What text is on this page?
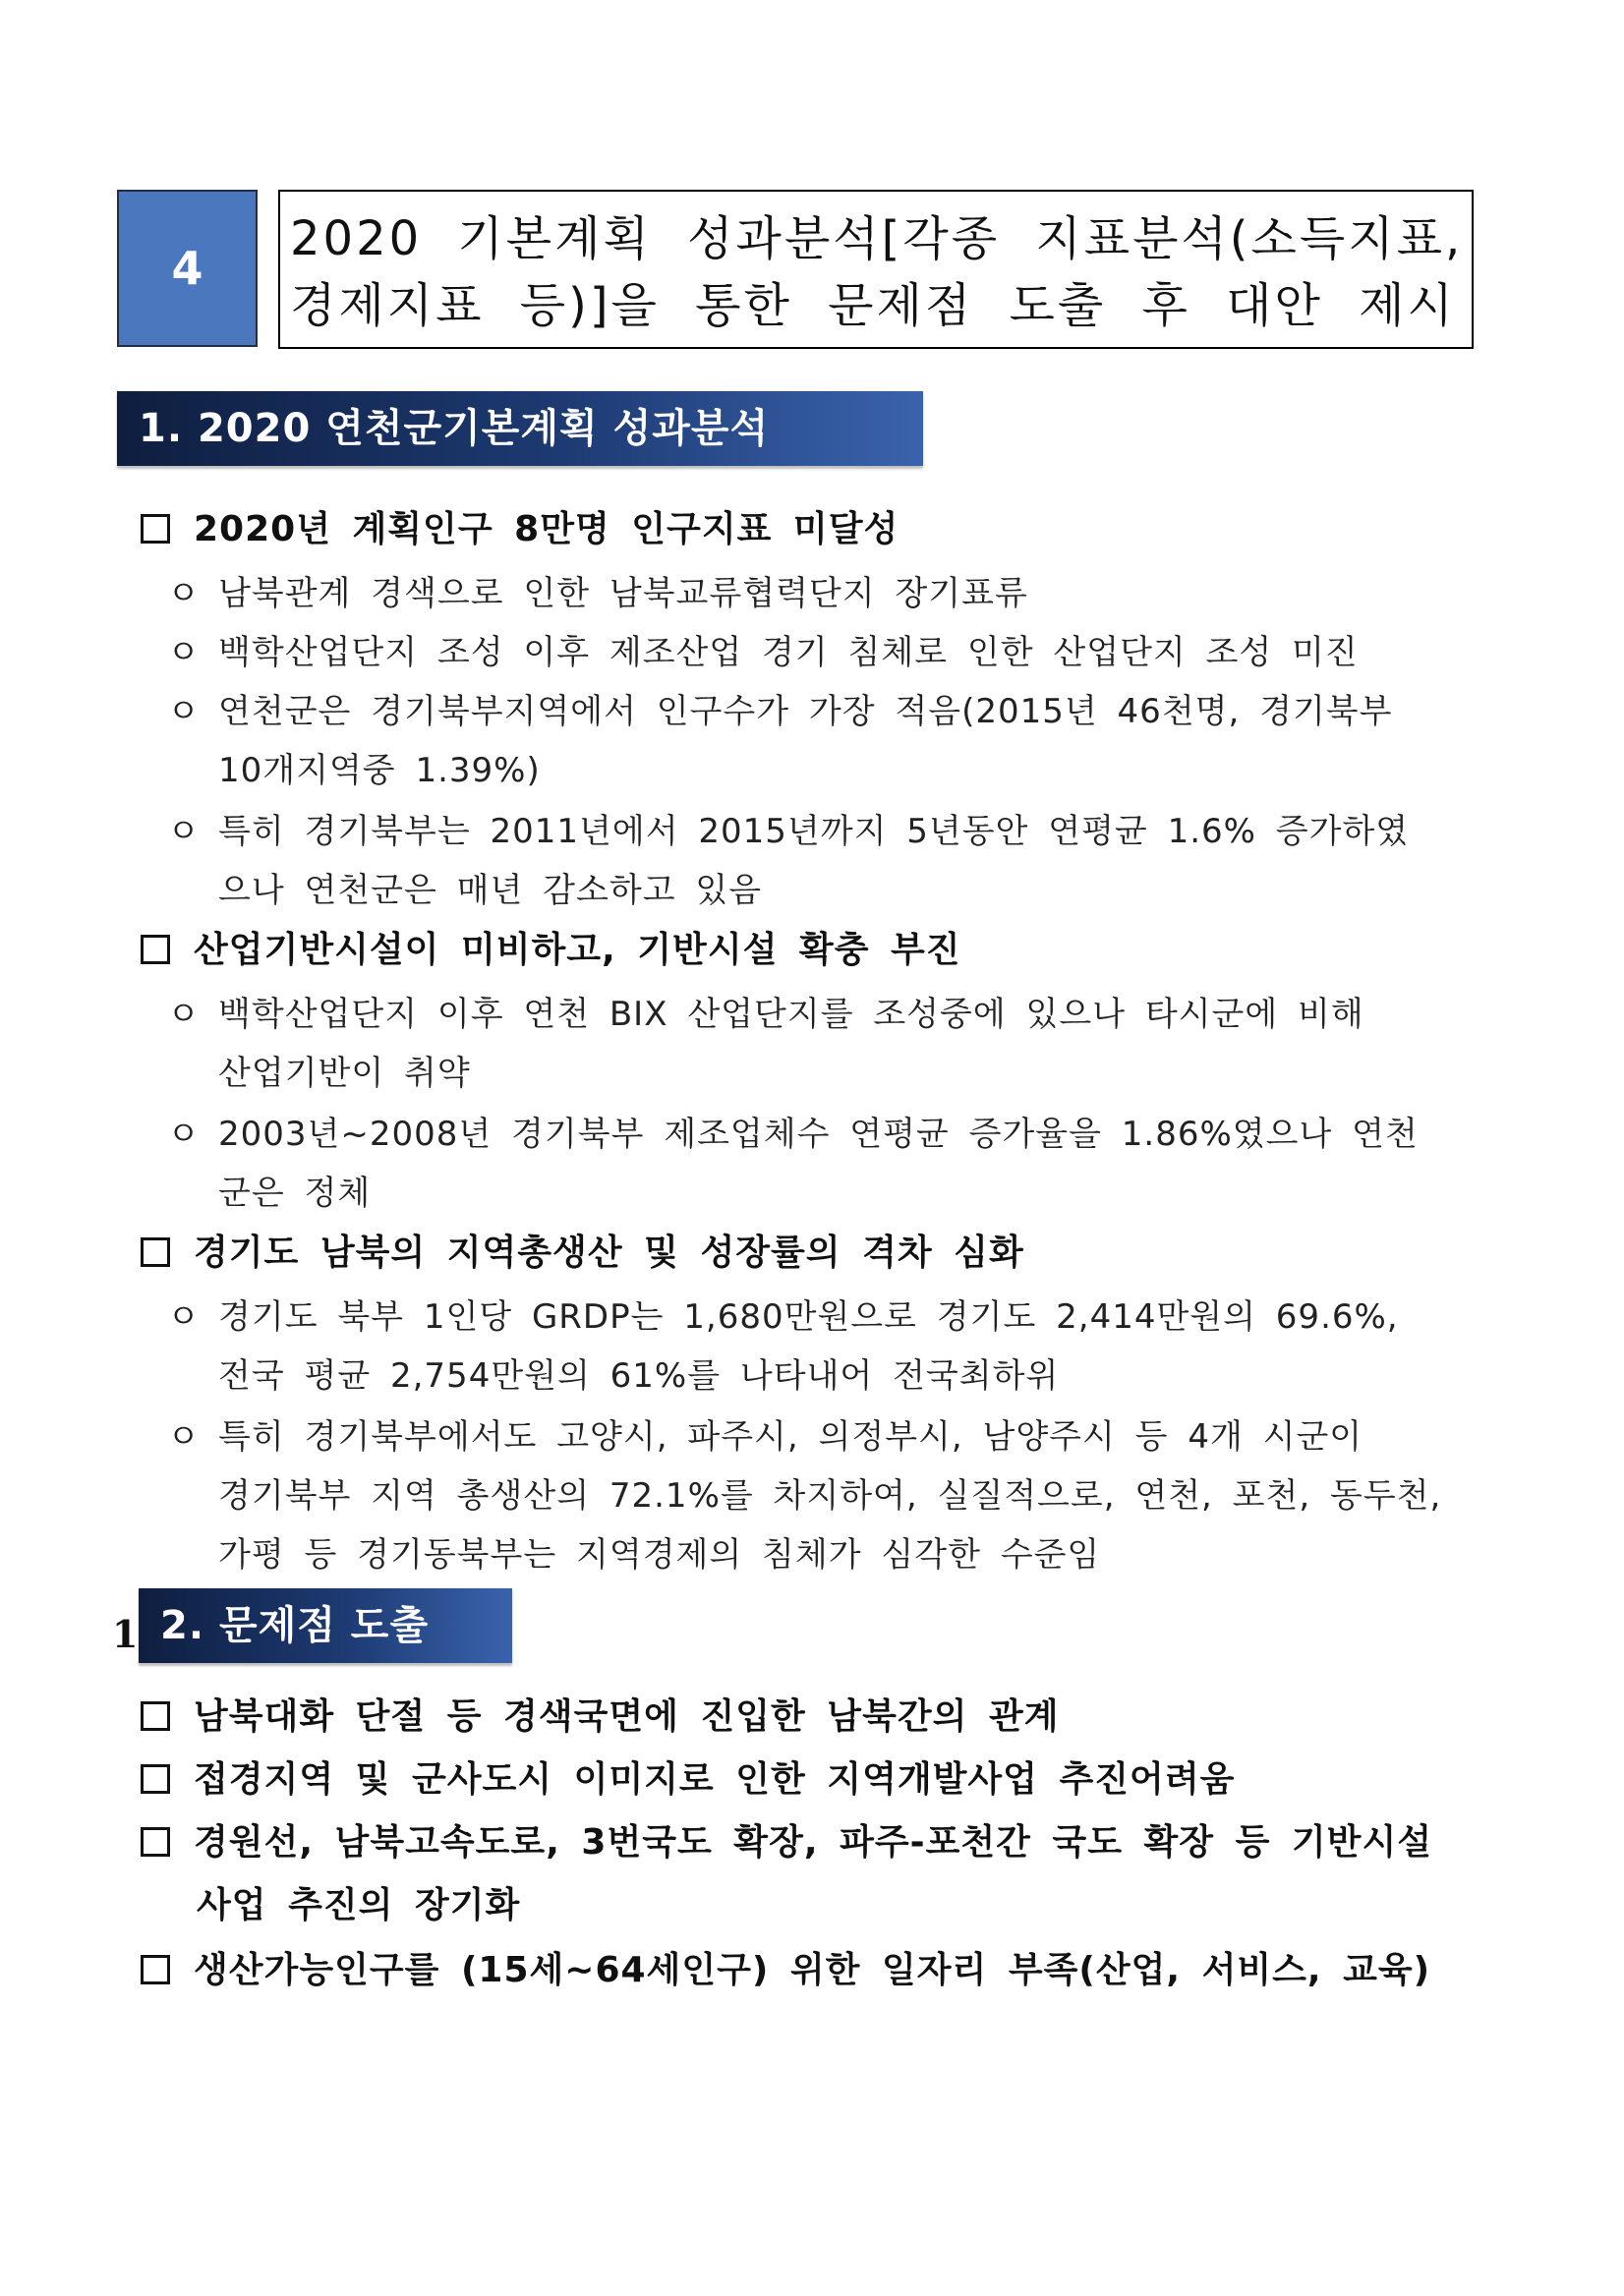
4
2020 기본계획 성과분석[각종 지표분석(소득지표,
경제지표 등)]을 통한 문제점 도출 후 대안 제시
1. 2020 연천군기본계획 성과분석
2020년 계획인구 8만명 인구지표 미달성
ㅇ 남북관계 경색으로 인한 남북교류협력단지 장기표류
ㅇ 백학산업단지 조성 이후 제조산업 경기 침체로 인한 산업단지 조성 미진
ㅇ 연천군은 경기북부지역에서 인구수가 가장 적음(2015년 46천명, 경기북부
10개지역중 1.39%)
ㅇ 특히 경기북부는 2011년에서 2015년까지 5년동안 연평균 1.6% 증가하였
으나 연천군은 매년 감소하고 있음
산업기반시설이 미비하고, 기반시설 확충 부진
ㅇ 백학산업단지 이후 연천 BIX 산업단지를 조성중에 있으나 타시군에 비해
산업기반이 취약
ㅇ 2003년~2008년 경기북부 제조업체수 연평균 증가율을 1.86%였으나 연천
군은 정체
경기도 남북의 지역총생산 및 성장률의 격차 심화
ㅇ 경기도 북부 1인당 GRDP는 1,680만원으로 경기도 2,414만원의 69.6%,
전국 평균 2,754만원의 61%를 나타내어 전국최하위
ㅇ 특히 경기북부에서도 고양시, 파주시, 의정부시, 남양주시 등 4개 시군이
경기북부 지역 총생산의 72.1%를 차지하여, 실질적으로, 연천, 포천, 동두천,
가평 등 경기동북부는 지역경제의 침체가 심각한 수준임
1 2. 문제점 도출
남북대화 단절 등 경색국면에 진입한 남북간의 관계
접경지역 및 군사도시 이미지로 인한 지역개발사업 추진어려움
경원선, 남북고속도로, 3번국도 확장, 파주-포천간 국도 확장 등 기반시설
사업 추진의 장기화
생산가능인구를 (15세~64세인구) 위한 일자리 부족(산업, 서비스, 교육)
